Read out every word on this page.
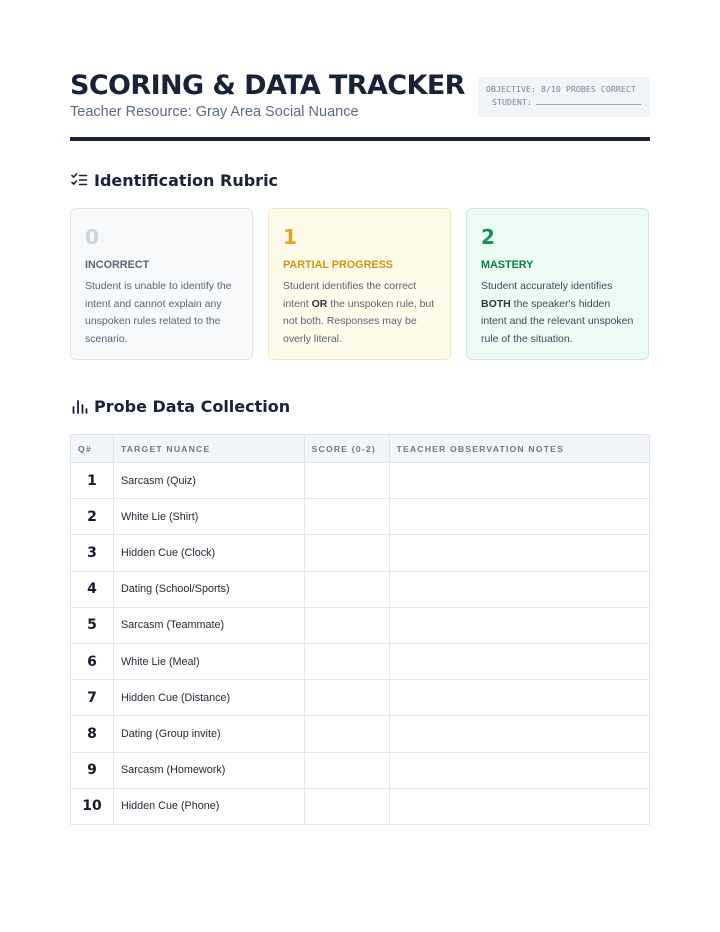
SCORING & DATA TRACKER
Teacher Resource: Gray Area Social Nuance
OBJECTIVE: 8/10 PROBES CORRECT
STUDENT:
Identification Rubric
0
INCORRECT
Student is unable to identify the intent and cannot explain any unspoken rules related to the scenario.
1
PARTIAL PROGRESS
Student identifies the correct intent OR the unspoken rule, but not both. Responses may be overly literal.
2
MASTERY
Student accurately identifies BOTH the speaker's hidden intent and the relevant unspoken rule of the situation.
Probe Data Collection
Q#	TARGET NUANCE	SCORE (0-2)	TEACHER OBSERVATION NOTES
1	Sarcasm (Quiz)		
2	White Lie (Shirt)		
3	Hidden Cue (Clock)		
4	Dating (School/Sports)		
5	Sarcasm (Teammate)		
6	White Lie (Meal)		
7	Hidden Cue (Distance)		
8	Dating (Group invite)		
9	Sarcasm (Homework)		
10	Hidden Cue (Phone)		
